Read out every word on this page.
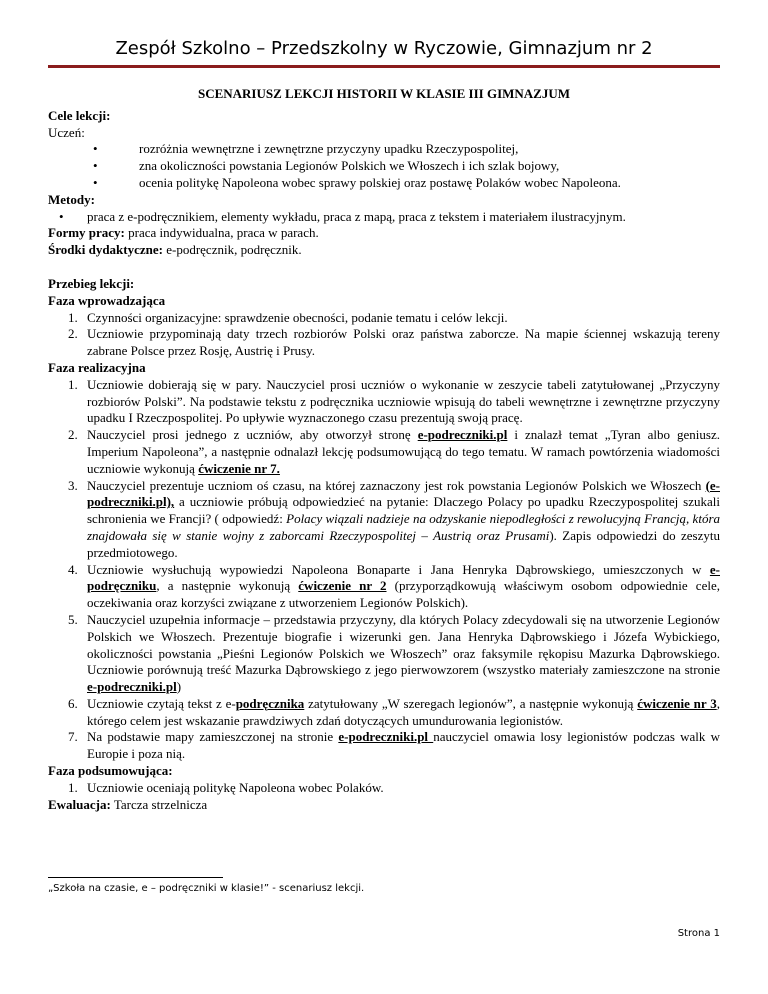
Zespół Szkolno – Przedszkolny w Ryczowie, Gimnazjum nr 2
SCENARIUSZ LEKCJI HISTORII W KLASIE III GIMNAZJUM

Cele lekcji:

Uczeń:

• rozróżnia wewnętrzne i zewnętrzne przyczyny upadku Rzeczypospolitej,
• zna okoliczności powstania Legionów Polskich we Włoszech i ich szlak bojowy,
• ocenia politykę Napoleona wobec sprawy polskiej oraz postawę Polaków wobec Napoleona.

Metody:

• praca z e-podręcznikiem, elementy wykładu, praca z mapą, praca z tekstem i materiałem ilustracyjnym.

Formy pracy: praca indywidualna, praca w parach.

Środki dydaktyczne: e-podręcznik, podręcznik.

Przebieg lekcji:

Faza wprowadzająca

1. Czynności organizacyjne: sprawdzenie obecności, podanie tematu i celów lekcji.
2. Uczniowie przypominają daty trzech rozbiorów Polski oraz państwa zaborcze. Na mapie ściennej wskazują tereny zabrane Polsce przez Rosję, Austrię i Prusy.

Faza realizacyjna

1. Uczniowie dobierają się w pary. Nauczyciel prosi uczniów o wykonanie w zeszycie tabeli zatytułowanej „Przyczyny rozbiorów Polski”. Na podstawie tekstu z podręcznika uczniowie wpisują do tabeli wewnętrzne i zewnętrzne przyczyny upadku I Rzeczpospolitej. Po upływie wyznaczonego czasu prezentują swoją pracę.
2. Nauczyciel prosi jednego z uczniów, aby otworzył stronę e-podreczniki.pl i znalazł temat „Tyran albo geniusz. Imperium Napoleona”, a następnie odnalazł lekcję podsumowującą do tego tematu. W ramach powtórzenia wiadomości uczniowie wykonują ćwiczenie nr 7.
3. Nauczyciel prezentuje uczniom oś czasu, na której zaznaczony jest rok powstania Legionów Polskich we Włoszech (e-podreczniki.pl), a uczniowie próbują odpowiedzieć na pytanie: Dlaczego Polacy po upadku Rzeczypospolitej szukali schronienia we Francji? ( odpowiedź: Polacy wiązali nadzieje na odzyskanie niepodległości z rewolucyjną Francją, która znajdowała się w stanie wojny z zaborcami Rzeczypospolitej – Austrią oraz Prusami). Zapis odpowiedzi do zeszytu przedmiotowego.
4. Uczniowie wysłuchują wypowiedzi Napoleona Bonaparte i Jana Henryka Dąbrowskiego, umieszczonych w e-podręczniku, a następnie wykonują ćwiczenie nr 2 (przyporządkowują właściwym osobom odpowiednie cele, oczekiwania oraz korzyści związane z utworzeniem Legionów Polskich).
5. Nauczyciel uzupełnia informacje – przedstawia przyczyny, dla których Polacy zdecydowali się na utworzenie Legionów Polskich we Włoszech. Prezentuje biografie i wizerunki gen. Jana Henryka Dąbrowskiego i Józefa Wybickiego, okoliczności powstania „Pieśni Legionów Polskich we Włoszech” oraz faksymile rękopisu Mazurka Dąbrowskiego. Uczniowie porównują treść Mazurka Dąbrowskiego z jego pierwowzorem (wszystko materiały zamieszczone na stronie e-podreczniki.pl)
6. Uczniowie czytają tekst z e-podręcznika zatytułowany „W szeregach legionów”, a następnie wykonują ćwiczenie nr 3, którego celem jest wskazanie prawdziwych zdań dotyczących umundurowania legionistów.
7. Na podstawie mapy zamieszczonej na stronie e-podreczniki.pl nauczyciel omawia losy legionistów podczas walk w Europie i poza nią.

Faza podsumowująca:

1. Uczniowie oceniają politykę Napoleona wobec Polaków.

Ewaluacja: Tarcza strzelnicza

„Szkoła na czasie, e – podręczniki w klasie!” - scenariusz lekcji.
Strona 1
